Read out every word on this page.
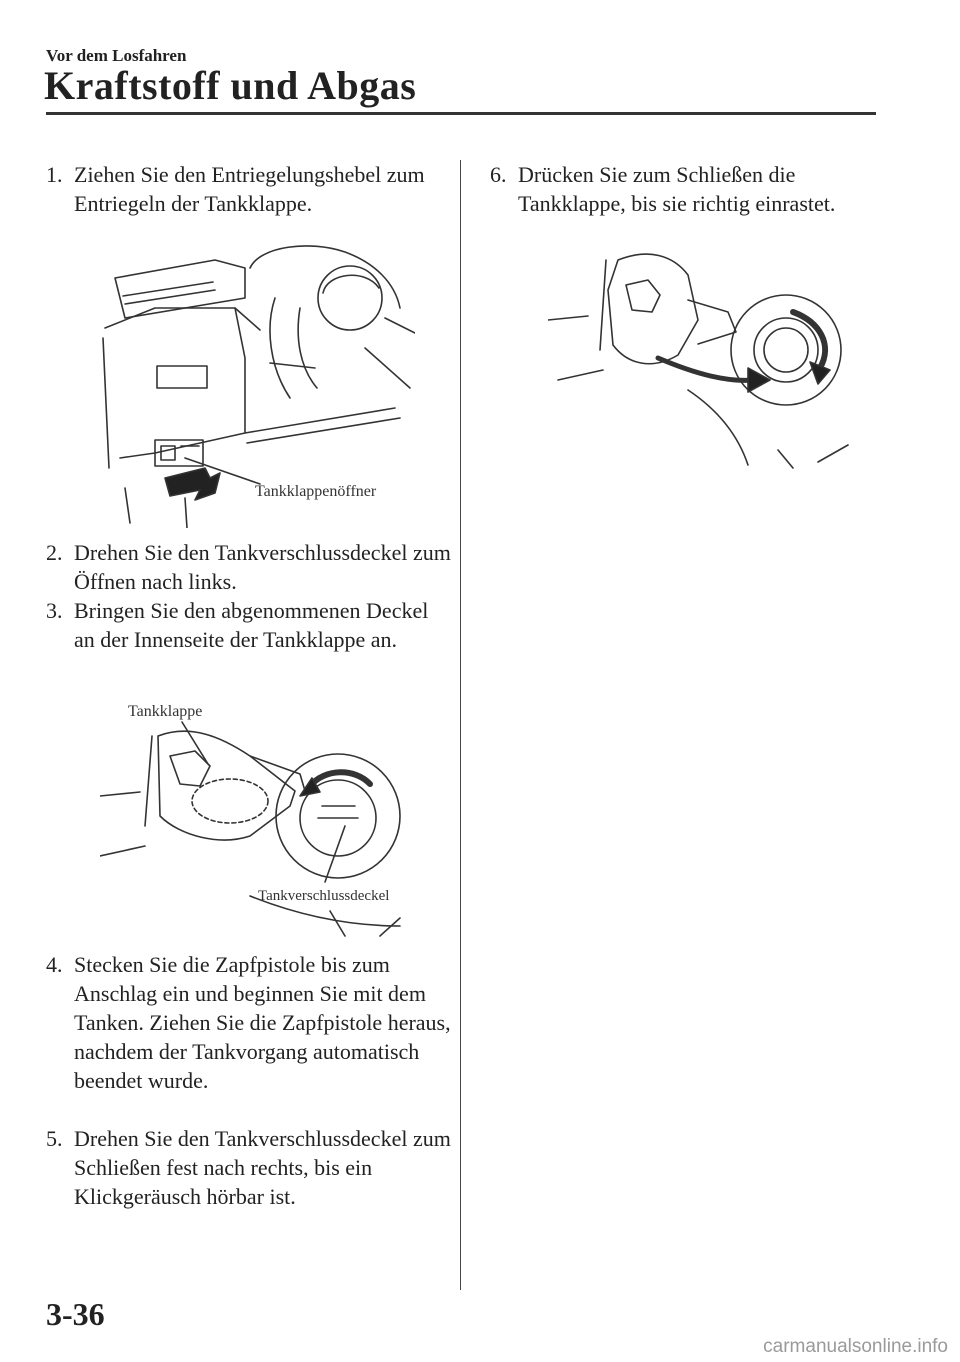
Vor dem Losfahren
Kraftstoff und Abgas

1. Ziehen Sie den Entriegelungshebel zum Entriegeln der Tankklappe.

Tankklappenöffner

2. Drehen Sie den Tankverschlussdeckel zum Öffnen nach links.

3. Bringen Sie den abgenommenen Deckel an der Innenseite der Tankklappe an.

Tankklappe
Tankverschlussdeckel

4. Stecken Sie die Zapfpistole bis zum Anschlag ein und beginnen Sie mit dem Tanken. Ziehen Sie die Zapfpistole heraus, nachdem der Tankvorgang automatisch beendet wurde.

5. Drehen Sie den Tankverschlussdeckel zum Schließen fest nach rechts, bis ein Klickgeräusch hörbar ist.

6. Drücken Sie zum Schließen die Tankklappe, bis sie richtig einrastet.

3-36
carmanualsonline.info
